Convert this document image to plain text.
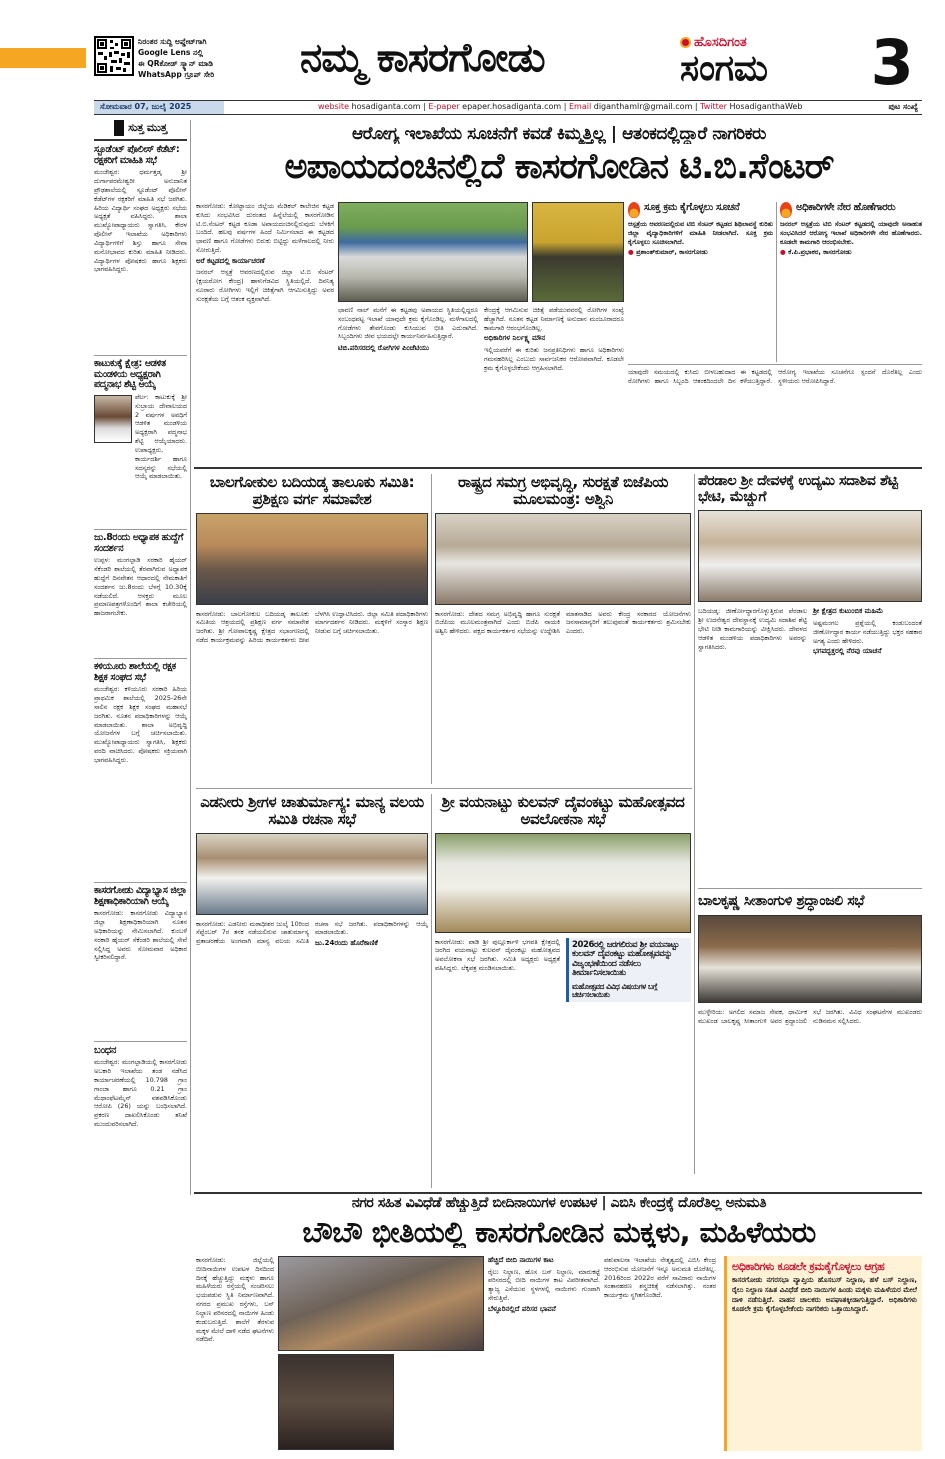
ನಿರಂತರ ಸುದ್ದಿ ಅಪ್ಡೇಟ್‌ಗಾಗಿ
Google Lens ನಲ್ಲಿ
ಈ QRಕೋಡ್ ಸ್ಕ್ಯಾನ್ ಮಾಡಿ
WhatsApp ಗ್ರೂಪ್ ಸೇರಿ	ನಮ್ಮ ಕಾಸರಗೋಡು	ಹೊಸದಿಗಂತ
ಸಂಗಮ	3
ಸೋಮವಾರ 07, ಜುಲೈ 2025	website
hosadiganta.com | E-paper
epaper.hosadiganta.com | Email
diganthamlr@gmail.com | Twitter
HosadiganthaWeb	ಪುಟ ಸಂಖ್ಯೆ
ಸುತ್ತ ಮುತ್ತ
ಸ್ಟೂಡೆಂಟ್ ಪೊಲೀಸ್ ಕೆಡೆಟ್: ರಕ್ಷಕರಿಗೆ ಮಾಹಿತಿ ಸಭೆ
ಮಂಜೇಶ್ವರ: ಧರ್ಮತ್ತಡ್ಕ ಶ್ರೀ ದುರ್ಗಾಪರಮೇಶ್ವರೀ ಅನುದಾನಿತ ಪ್ರೌಢಶಾಲೆಯಲ್ಲಿ ಸ್ಟೂಡೆಂಟ್ ಪೊಲೀಸ್ ಕೆಡೆಟ್‌ಗಳ ರಕ್ಷಕರಿಗೆ ಮಾಹಿತಿ ಸಭೆ ಜರಗಿತು. ಹಿರಿಯ ವಿದ್ಯಾರ್ಥಿ ಸಂಘದ ಅಧ್ಯಕ್ಷರು ಸಭೆಯ ಅಧ್ಯಕ್ಷತೆ ವಹಿಸಿದ್ದರು. ಶಾಲಾ ಮುಖ್ಯೋಪಾಧ್ಯಾಯರು ಸ್ವಾಗತಿಸಿ, ಕೇರಳ ಪೊಲೀಸ್ ಇಲಾಖೆಯ ಅಧಿಕಾರಿಗಳು ವಿದ್ಯಾರ್ಥಿಗಳಿಗೆ ಶಿಸ್ತು ಹಾಗೂ ಸೇವಾ ಮನೋಭಾವದ ಕುರಿತು ಮಾಹಿತಿ ನೀಡಿದರು. ವಿದ್ಯಾರ್ಥಿಗಳ ಪೋಷಕರು ಹಾಗೂ ಶಿಕ್ಷಕರು ಭಾಗವಹಿಸಿದ್ದರು.
ಕಾಟುಕುಕ್ಕೆ ಕ್ಷೇತ್ರ: ಆಡಳಿತ ಮಂಡಳಿಯ ಅಧ್ಯಕ್ಷರಾಗಿ ಪದ್ಮನಾಭ ಶೆಟ್ಟಿ ಆಯ್ಕೆ
ಪೆರ್ಲ: ಕಾಟುಕುಕ್ಕೆ ಶ್ರೀ ಸುಬ್ರಾಯ ದೇವಾಲಯದ 2 ವರ್ಷಗಳ ಅವಧಿಗೆ ಆಡಳಿತ ಮಂಡಳಿಯ ಅಧ್ಯಕ್ಷರಾಗಿ ಪದ್ಮನಾಭ ಶೆಟ್ಟಿ ಆಯ್ಕೆಯಾದರು. ಉಪಾಧ್ಯಕ್ಷರು, ಕಾರ್ಯದರ್ಶಿ ಹಾಗೂ ಸದಸ್ಯರನ್ನು ಸಭೆಯಲ್ಲಿ ಆಯ್ಕೆ ಮಾಡಲಾಯಿತು.
ಜು.8ರಂದು ಅಧ್ಯಾಪಕ ಹುದ್ದೆಗೆ ಸಂದರ್ಶನ
ಉಪ್ಪಳ: ಮಂಗಲ್ಪಾಡಿ ಸರಕಾರಿ ಹೈಯರ್ ಸೆಕೆಂಡರಿ ಶಾಲೆಯಲ್ಲಿ ತೆರವಾಗಿರುವ ಅಧ್ಯಾಪಕ ಹುದ್ದೆಗೆ ದಿನವೇತನ ಆಧಾರದಲ್ಲಿ ನೇಮಕಾತಿಗೆ ಸಂದರ್ಶನ ಜು.8ರಂದು ಬೆಳಗ್ಗೆ 10.30ಕ್ಕೆ ನಡೆಯಲಿದೆ. ಆಸಕ್ತರು ಮೂಲ ಪ್ರಮಾಣಪತ್ರಗಳೊಂದಿಗೆ ಶಾಲಾ ಕಚೇರಿಯಲ್ಲಿ ಹಾಜರಾಗಬೇಕು.
ಕಳಿಯೂರು ಶಾಲೆಯಲ್ಲಿ ರಕ್ಷಕ ಶಿಕ್ಷಕ ಸಂಘದ ಸಭೆ
ಮಂಜೇಶ್ವರ: ಕಳಿಯೂರು ಸರಕಾರಿ ಹಿರಿಯ ಪ್ರಾಥಮಿಕ ಶಾಲೆಯಲ್ಲಿ 2025-26ನೇ ಸಾಲಿನ ರಕ್ಷಕ ಶಿಕ್ಷಕ ಸಂಘದ ಮಹಾಸಭೆ ಜರಗಿತು. ನೂತನ ಪದಾಧಿಕಾರಿಗಳನ್ನು ಆಯ್ಕೆ ಮಾಡಲಾಯಿತು. ಶಾಲಾ ಅಭಿವೃದ್ಧಿ ಯೋಜನೆಗಳ ಬಗ್ಗೆ ಚರ್ಚಿಸಲಾಯಿತು. ಮುಖ್ಯೋಪಾಧ್ಯಾಯರು ಸ್ವಾಗತಿಸಿ, ಶಿಕ್ಷಕರು ವರದಿ ವಾಚಿಸಿದರು. ಪೋಷಕರು ಸಕ್ರಿಯವಾಗಿ ಭಾಗವಹಿಸಿದ್ದರು.
ಕಾಸರಗೋಡು ವಿದ್ಯಾಭ್ಯಾಸ ಜಿಲ್ಲಾ ಶಿಕ್ಷಣಾಧಿಕಾರಿಯಾಗಿ ಆಯ್ಕೆ
ಕಾಸರಗೋಡು: ಕಾಸರಗೋಡು ವಿದ್ಯಾಭ್ಯಾಸ ಜಿಲ್ಲಾ ಶಿಕ್ಷಣಾಧಿಕಾರಿಯಾಗಿ ನೂತನ ಅಧಿಕಾರಿಯನ್ನು ನೇಮಿಸಲಾಗಿದೆ. ಕುಂಬಳೆ ಸರಕಾರಿ ಹೈಯರ್ ಸೆಕೆಂಡರಿ ಶಾಲೆಯಲ್ಲಿ ಸೇವೆ ಸಲ್ಲಿಸಿದ್ದ ಅವರು ಸೋಮವಾರ ಅಧಿಕಾರ ಸ್ವೀಕರಿಸಲಿದ್ದಾರೆ.
ಬಂಧನ
ಮಂಜೇಶ್ವರ: ಮಂಗಲ್ಪಾಡಿಯಲ್ಲಿ ಕಾಸರಗೋಡು ಅಬಕಾರಿ ಇಲಾಖೆಯ ತಂಡ ನಡೆಸಿದ ಕಾರ್ಯಾಚರಣೆಯಲ್ಲಿ 10.798 ಗ್ರಾಂ ಗಾಂಜಾ ಹಾಗೂ 0.21 ಗ್ರಾಂ ಮೆಥಾಂಫೆಟಮೈನ್ ವಶಪಡಿಸಿಕೊಂಡು ಆರೋಪಿ (26) ಯನ್ನು ಬಂಧಿಸಲಾಗಿದೆ. ಪ್ರಕರಣ ದಾಖಲಿಸಿಕೊಂಡು ತನಿಖೆ ಮುಂದುವರಿಸಲಾಗಿದೆ.
ಆರೋಗ್ಯ ಇಲಾಖೆಯ ಸೂಚನೆಗೆ ಕವಡೆ ಕಿಮ್ಮತ್ತಿಲ್ಲ | ಆತಂಕದಲ್ಲಿದ್ದಾರೆ ನಾಗರಿಕರು
ಅಪಾಯದಂಚಿನಲ್ಲಿದೆ ಕಾಸರಗೋಡಿನ ಟಿ.ಬಿ.ಸೆಂಟರ್
ಕಾಸರಗೋಡು: ಕೋಟ್ಟಾಯಂ ಜಿಲ್ಲೆಯ ಮೆಡಿಕಲ್ ಕಾಲೇಜಿನ ಕಟ್ಟಡ ಕುಸಿದು ಸಂಭವಿಸಿದ ದುರಂತದ ಹಿನ್ನೆಲೆಯಲ್ಲಿ ಕಾಸರಗೋಡಿನ ಟಿ.ಬಿ.ಸೆಂಟರ್ ಕಟ್ಟಡ ಕೂಡಾ ಅಪಾಯದಂಚಿನಲ್ಲಿರುವುದು ಬೆಳಕಿಗೆ ಬಂದಿದೆ. ಹಲವು ವರ್ಷಗಳ ಹಿಂದೆ ನಿರ್ಮಿಸಲಾದ ಈ ಕಟ್ಟಡದ ಛಾವಣಿ ಹಾಗೂ ಗೋಡೆಗಳು ಬಿರುಕು ಬಿಟ್ಟಿದ್ದು ಮಳೆಗಾಲದಲ್ಲಿ ನೀರು ಸೋರುತ್ತಿದೆ.
ಅರೆ ಕಟ್ಟಡದಲ್ಲಿ ಕಾರ್ಯಾಚರಣೆ
ಜನರಲ್ ಆಸ್ಪತ್ರೆ ಆವರಣದಲ್ಲಿರುವ ಜಿಲ್ಲಾ ಟಿ.ಬಿ ಸೆಂಟರ್ (ಕ್ಷಯರೋಗ ಕೇಂದ್ರ) ಹಾಳುಗೆಡವಿದ ಸ್ಥಿತಿಯಲ್ಲಿದೆ. ದಿನನಿತ್ಯ ನೂರಾರು ರೋಗಿಗಳು ಇಲ್ಲಿಗೆ ಚಿಕಿತ್ಸೆಗಾಗಿ ಆಗಮಿಸುತ್ತಿದ್ದು ಅವರ ಸುರಕ್ಷತೆಯ ಬಗ್ಗೆ ಆತಂಕ ವ್ಯಕ್ತವಾಗಿದೆ.
ಛಾವಣಿ ನಾಲ್ ಮನೆಗೆ ಈ ಕಟ್ಟಡವು ಅಪಾಯದ ಸ್ಥಿತಿಯಲ್ಲಿದ್ದರೂ ಸಂಬಂಧಪಟ್ಟ ಇಲಾಖೆ ಯಾವುದೇ ಕ್ರಮ ಕೈಗೊಂಡಿಲ್ಲ. ಮಳೆಗಾಲದಲ್ಲಿ ಗೋಡೆಗಳು ತೇವಗೊಂಡು ಕುಸಿಯುವ ಭೀತಿ ಎದುರಾಗಿದೆ. ಸಿಬ್ಬಂದಿಗಳು ಜೀವ ಭಯದಲ್ಲೇ ಕಾರ್ಯನಿರ್ವಹಿಸುತ್ತಿದ್ದಾರೆ.
ಟಿಬಿ.ಪರಿಸರದಲ್ಲಿ ರೋಗಿಗಳ ಪಿಂಚೆಟಿಯು
ಕೇಂದ್ರಕ್ಕೆ ಆಗಮಿಸುವ ಚಿಕಿತ್ಸೆ ಪಡೆಯುವವರಲ್ಲಿ ರೋಗಿಗಳ ಸಂಖ್ಯೆ ಹೆಚ್ಚಾಗಿದೆ. ನೂತನ ಕಟ್ಟಡ ನಿರ್ಮಾಣಕ್ಕೆ ಅನುದಾನ ಮಂಜೂರಾದರೂ ಕಾಮಗಾರಿ ಆರಂಭಗೊಂಡಿಲ್ಲ.
ಅಧಿಕಾರಿಗಳ ನಿರ್ಲಕ್ಷ್ಯ ಮೌನ
ಇಲ್ಲಿಯವರೆಗೆ ಈ ಕುರಿತು ಜನಪ್ರತಿನಿಧಿಗಳು ಹಾಗೂ ಅಧಿಕಾರಿಗಳು ಗಮನಹರಿಸಿಲ್ಲ ಎಂಬುದು ಸಾರ್ವಜನಿಕರ ಆರೋಪವಾಗಿದೆ. ಕೂಡಲೇ ಕ್ರಮ ಕೈಗೊಳ್ಳಬೇಕೆಂದು ಆಗ್ರಹಿಸಲಾಗಿದೆ.
ಸೂಕ್ತ ಕ್ರಮ ಕೈಗೊಳ್ಳಲು ಸೂಚನೆ
ಆಸ್ಪತ್ರೆಯ ಆವರಣದಲ್ಲಿರುವ ಟಿಬಿ ಸೆಂಟರ್ ಕಟ್ಟಡದ ಶಿಥಿಲಾವಸ್ಥೆ ಕುರಿತು ಜಿಲ್ಲಾ ವೈದ್ಯಾಧಿಕಾರಿಗಳಿಗೆ ಮಾಹಿತಿ ನೀಡಲಾಗಿದೆ. ಸೂಕ್ತ ಕ್ರಮ ಕೈಗೊಳ್ಳಲು ಸೂಚಿಸಲಾಗಿದೆ.
● ಪ್ರಶಾಂತ್‌ಕುಮಾರ್, ಕಾಸರಗೋಡು
ಅಧಿಕಾರಿಗಳೇ ನೇರ ಹೊಣೆಗಾರರು
ಜನರಲ್ ಆಸ್ಪತ್ರೆಯ ಟಿಬಿ ಸೆಂಟರ್ ಕಟ್ಟಡದಲ್ಲಿ ಯಾವುದೇ ಅನಾಹುತ ಸಂಭವಿಸಿದರೆ ಆರೋಗ್ಯ ಇಲಾಖೆ ಅಧಿಕಾರಿಗಳೇ ನೇರ ಹೊಣೆಗಾರರು. ಕೂಡಲೇ ಕಾಮಗಾರಿ ಆರಂಭಿಸಬೇಕು.
● ಕೆ.ಪಿ.ಪ್ರಭಾಕರ, ಕಾಸರಗೋಡು
ಯಾವುದೇ ಸಮಯದಲ್ಲಿ ಕುಸಿದು ಬೀಳಬಹುದಾದ ಈ ಕಟ್ಟಡದಲ್ಲಿ ರೋಗಿಗಳು ಹಾಗೂ ಸಿಬ್ಬಂದಿ ಆತಂಕದಿಂದಲೇ ದಿನ ಕಳೆಯುತ್ತಿದ್ದಾರೆ. ಆರೋಗ್ಯ ಇಲಾಖೆಯ ಸೂಚನೆಗೂ ಸ್ಪಂದನೆ ದೊರೆತಿಲ್ಲ ಎಂದು ಸ್ಥಳೀಯರು ಆರೋಪಿಸಿದ್ದಾರೆ.
ಬಾಲಗೋಕುಲ ಬದಿಯಡ್ಕ ತಾಲೂಕು ಸಮಿತಿ: ಪ್ರಶಿಕ್ಷಣ ವರ್ಗ ಸಮಾವೇಶ
ಕಾಸರಗೋಡು: ಬಾಲಗೋಕುಲ ಬದಿಯಡ್ಕ ತಾಲೂಕು ಸಮಿತಿಯ ಆಶ್ರಯದಲ್ಲಿ ಪ್ರಶಿಕ್ಷಣ ವರ್ಗ ಸಮಾವೇಶ ಜರಗಿತು. ಶ್ರೀ ಗೋಪಾಲಕೃಷ್ಣ ಕ್ಷೇತ್ರದ ಸಭಾಂಗಣದಲ್ಲಿ ನಡೆದ ಕಾರ್ಯಕ್ರಮವನ್ನು ಹಿರಿಯ ಕಾರ್ಯಕರ್ತರು ದೀಪ ಬೆಳಗಿಸಿ ಉದ್ಘಾಟಿಸಿದರು. ಜಿಲ್ಲಾ ಸಮಿತಿ ಪದಾಧಿಕಾರಿಗಳು ಮಾರ್ಗದರ್ಶನ ನೀಡಿದರು. ಮಕ್ಕಳಿಗೆ ಸಂಸ್ಕಾರ ಶಿಕ್ಷಣ ನೀಡುವ ಬಗ್ಗೆ ಚರ್ಚಿಸಲಾಯಿತು.
ರಾಷ್ಟ್ರದ ಸಮಗ್ರ ಅಭಿವೃದ್ಧಿ, ಸುರಕ್ಷತೆ ಬಿಜೆಪಿಯ ಮೂಲಮಂತ್ರ: ಅಶ್ವಿನಿ
ಕಾಸರಗೋಡು: ದೇಶದ ಸಮಗ್ರ ಅಭಿವೃದ್ಧಿ ಹಾಗೂ ಸುರಕ್ಷತೆ ಬಿಜೆಪಿಯ ಮೂಲಮಂತ್ರವಾಗಿದೆ ಎಂದು ಬಿಜೆಪಿ ನಾಯಕಿ ಅಶ್ವಿನಿ ಹೇಳಿದರು. ಪಕ್ಷದ ಕಾರ್ಯಕರ್ತರ ಸಭೆಯನ್ನು ಉದ್ದೇಶಿಸಿ ಮಾತನಾಡಿದ ಅವರು ಕೇಂದ್ರ ಸರಕಾರದ ಯೋಜನೆಗಳು ಜನಸಾಮಾನ್ಯರಿಗೆ ತಲುಪುವಂತೆ ಕಾರ್ಯಕರ್ತರು ಶ್ರಮಿಸಬೇಕು ಎಂದರು.
ಪೆರಡಾಲ ಶ್ರೀ ದೇವಳಕ್ಕೆ ಉದ್ಯಮಿ ಸದಾಶಿವ ಶೆಟ್ಟಿ ಭೇಟಿ, ಮೆಚ್ಚುಗೆ
ಬದಿಯಡ್ಕ: ಜೀರ್ಣೋದ್ಧಾರಗೊಳ್ಳುತ್ತಿರುವ ಪೆರಡಾಲ ಶ್ರೀ ಉದನೇಶ್ವರ ದೇವಸ್ಥಾನಕ್ಕೆ ಉದ್ಯಮಿ ಸದಾಶಿವ ಶೆಟ್ಟಿ ಭೇಟಿ ನೀಡಿ ಕಾಮಗಾರಿಯನ್ನು ವೀಕ್ಷಿಸಿದರು. ದೇವಳದ ಆಡಳಿತ ಮಂಡಳಿಯ ಪದಾಧಿಕಾರಿಗಳು ಅವರನ್ನು ಸ್ವಾಗತಿಸಿದರು.
ಶ್ರೀ ಕ್ಷೇತ್ರದ ಕುಟುಂಬಿಕ ಮಹಿಮೆ
ಅಷ್ಟಮಂಗಲ ಪ್ರಶ್ನೆಯಲ್ಲಿ ಕಂಡುಬಂದಂತೆ ಜೀರ್ಣೋದ್ಧಾರ ಕಾರ್ಯ ನಡೆಯುತ್ತಿದ್ದು ಭಕ್ತರ ಸಹಕಾರ ಅಗತ್ಯ ಎಂದು ಹೇಳಿದರು.
ಭಗವದ್ಭಕ್ತರಲ್ಲಿ ನೆರವು ಯಾಚನೆ
ಎಡನೀರು ಶ್ರೀಗಳ ಚಾತುರ್ಮಾಸ್ಯ: ಮಾನ್ಯ ವಲಯ ಸಮಿತಿ ರಚನಾ ಸಭೆ
ಕಾಸರಗೋಡು: ಎಡನೀರು ಮಠಾಧೀಶರ ಜುಲೈ 10ರಿಂದ ಸೆಪ್ಟೆಂಬರ್ 7ರ ತನಕ ನಡೆಯಲಿರುವ ಚಾತುರ್ಮಾಸ್ಯ ವ್ರತಾಚರಣೆಯ ಅಂಗವಾಗಿ ಮಾನ್ಯ ವಲಯ ಸಮಿತಿ ರಚನಾ ಸಭೆ ಜರಗಿತು. ಪದಾಧಿಕಾರಿಗಳನ್ನು ಆಯ್ಕೆ ಮಾಡಲಾಯಿತು.
ಜು.24ರಂದು ಹೊರೆಕಾಣಿಕೆ
ಶ್ರೀ ವಯನಾಟ್ಟು ಕುಲವನ್ ದೈವಂಕಟ್ಟು ಮಹೋತ್ಸವದ ಅವಲೋಕನಾ ಸಭೆ
ಕಾಸರಗೋಡು: ಪಾಡಿ ಶ್ರೀ ಪುಲ್ಲೂರ್ಕಾಳಿ ಭಗವತಿ ಕ್ಷೇತ್ರದಲ್ಲಿ ಜರಗಿದ ವಯನಾಟ್ಟು ಕುಲವನ್ ದೈವಂಕಟ್ಟು ಮಹೋತ್ಸವದ ಅವಲೋಕನಾ ಸಭೆ ಜರಗಿತು. ಸಮಿತಿ ಅಧ್ಯಕ್ಷರು ಅಧ್ಯಕ್ಷತೆ ವಹಿಸಿದ್ದರು. ಲೆಕ್ಕಪತ್ರ ಮಂಡಿಸಲಾಯಿತು.
2026ರಲ್ಲಿ ಜರಗಲಿರುವ ಶ್ರೀ ವಯನಾಟ್ಟು ಕುಲವನ್ ದೈವಂಕಟ್ಟು ಮಹೋತ್ಸವವನ್ನು ವಿಜೃಂಭಣೆಯಿಂದ ನಡೆಸಲು ತೀರ್ಮಾನಿಸಲಾಯಿತು
ಮಹೋತ್ಸವದ ವಿವಿಧ ವಿಷಯಗಳ ಬಗ್ಗೆ ಚರ್ಚಿಸಲಾಯಿತು
ಬಾಲಕೃಷ್ಣ ಸೀತಾಂಗುಳಿ ಶ್ರದ್ಧಾಂಜಲಿ ಸಭೆ
ಮುಳ್ಳೇರಿಯ: ಅಗಲಿದ ಸಮಾಜ ಸೇವಕ, ಧಾರ್ಮಿಕ ಮುಖಂಡ ಬಾಲಕೃಷ್ಣ ಸೀತಾಂಗುಳಿ ಅವರ ಶ್ರದ್ಧಾಂಜಲಿ ಸಭೆ ಜರಗಿತು. ವಿವಿಧ ಸಂಘಟನೆಗಳ ಮುಖಂಡರು ನುಡಿನಮನ ಸಲ್ಲಿಸಿದರು.
ನಗರ ಸಹಿತ ವಿವಿಧೆಡೆ ಹೆಚ್ಚುತ್ತಿದೆ ಬೀದಿನಾಯಿಗಳ ಉಪಟಳ | ಎಬಿಸಿ ಕೇಂದ್ರಕ್ಕೆ ದೊರೆತಿಲ್ಲ ಅನುಮತಿ
ಬೌಬೌ ಭೀತಿಯಲ್ಲಿ ಕಾಸರಗೋಡಿನ ಮಕ್ಕಳು, ಮಹಿಳೆಯರು
ಕಾಸರಗೋಡು: ಜಿಲ್ಲೆಯಲ್ಲಿ ಬೀದಿನಾಯಿಗಳ ಉಪಟಳ ದಿನದಿಂದ ದಿನಕ್ಕೆ ಹೆಚ್ಚುತ್ತಿದ್ದು ಮಕ್ಕಳು ಹಾಗೂ ಮಹಿಳೆಯರು ರಸ್ತೆಯಲ್ಲಿ ಸಂಚರಿಸಲು ಭಯಪಡುವ ಸ್ಥಿತಿ ನಿರ್ಮಾಣವಾಗಿದೆ. ನಗರದ ಪ್ರಮುಖ ರಸ್ತೆಗಳು, ಬಸ್ ನಿಲ್ದಾಣ ಪರಿಸರದಲ್ಲಿ ನಾಯಿಗಳ ಹಿಂಡು ಕಂಡುಬರುತ್ತಿದೆ. ಶಾಲೆಗೆ ತೆರಳುವ ಮಕ್ಕಳ ಮೇಲೆ ದಾಳಿ ನಡೆದ ಘಟನೆಗಳು ನಡೆದಿವೆ.
ಹೆಚ್ಚಿದೆ ಬೀದಿ ನಾಯಿಗಳ ಕಾಟ
ರೈಲು ನಿಲ್ದಾಣ, ಹೊಸ ಬಸ್ ನಿಲ್ದಾಣ, ಮಾರುಕಟ್ಟೆ ಪರಿಸರದಲ್ಲಿ ಬೀದಿ ನಾಯಿಗಳ ಕಾಟ ವಿಪರೀತವಾಗಿದೆ. ತ್ಯಾಜ್ಯ ಎಸೆಯುವ ಸ್ಥಳಗಳಲ್ಲಿ ನಾಯಿಗಳು ಗುಂಪಾಗಿ ಸೇರುತ್ತಿವೆ.
ಬೆಳ್ಳೂರಿನಲ್ಲಿದೆ ಪರಿಸರ ಭಾವನೆ
ಪಶುಪಾಲನಾ ಇಲಾಖೆಯ ನೇತೃತ್ವದಲ್ಲಿ ಎಬಿಸಿ ಕೇಂದ್ರ ಆರಂಭಿಸುವ ಯೋಜನೆಗೆ ಇನ್ನೂ ಅನುಮತಿ ದೊರೆತಿಲ್ಲ. 2016ರಿಂದ 2022ರ ವರೆಗೆ ಸಾವಿರಾರು ನಾಯಿಗಳ ಸಂತಾನಹರಣ ಶಸ್ತ್ರಚಿಕಿತ್ಸೆ ನಡೆಸಲಾಗಿತ್ತು. ನಂತರ ಕಾರ್ಯಕ್ರಮ ಸ್ಥಗಿತಗೊಂಡಿದೆ.
ಅಧಿಕಾರಿಗಳು ಕೂಡಲೇ ಕ್ರಮಕೈಗೊಳ್ಳಲು ಆಗ್ರಹ
ಕಾಸರಗೋಡು ನಗರಸಭಾ ವ್ಯಾಪ್ತಿಯ ಹೊಸಬಸ್ ನಿಲ್ದಾಣ, ಹಳೆ ಬಸ್ ನಿಲ್ದಾಣ, ರೈಲು ನಿಲ್ದಾಣ ಸಹಿತ ವಿವಿಧೆಡೆ ಬೀದಿ ನಾಯಿಗಳ ಹಿಂಡು ಮಕ್ಕಳು ಮಹಿಳೆಯರ ಮೇಲೆ ದಾಳಿ ನಡೆಸುತ್ತಿದೆ. ವಾಹನ ಚಾಲಕರು ಅಪಘಾತಕ್ಕೀಡಾಗುತ್ತಿದ್ದಾರೆ. ಅಧಿಕಾರಿಗಳು ಕೂಡಲೇ ಕ್ರಮ ಕೈಗೊಳ್ಳಬೇಕೆಂದು ನಾಗರಿಕರು ಒತ್ತಾಯಿಸಿದ್ದಾರೆ.
